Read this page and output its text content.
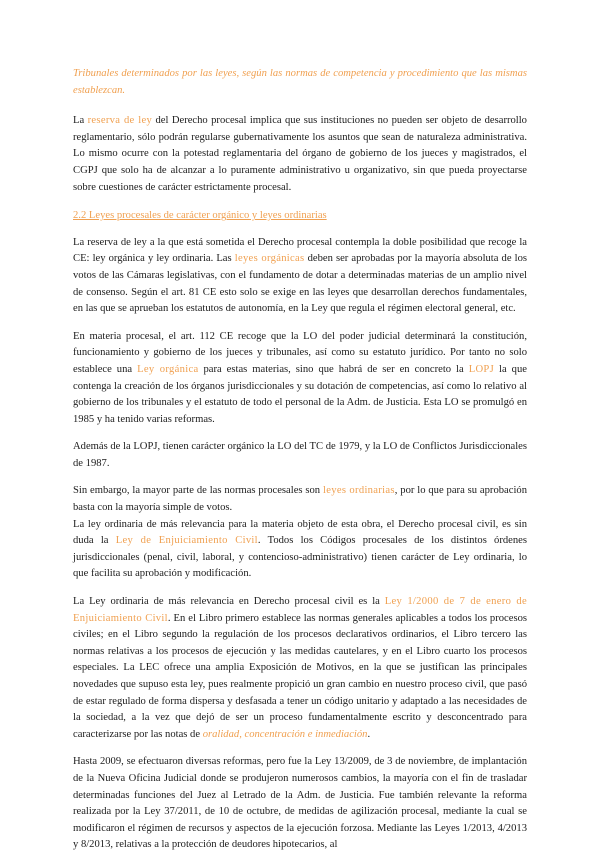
Tribunales determinados por las leyes, según las normas de competencia y procedimiento que las mismas establezcan.

La reserva de ley del Derecho procesal implica que sus instituciones no pueden ser objeto de desarrollo reglamentario, sólo podrán regularse gubernativamente los asuntos que sean de naturaleza administrativa. Lo mismo ocurre con la potestad reglamentaria del órgano de gobierno de los jueces y magistrados, el CGPJ que solo ha de alcanzar a lo puramente administrativo u organizativo, sin que pueda proyectarse sobre cuestiones de carácter estrictamente procesal.

2.2 Leyes procesales de carácter orgánico y leyes ordinarias

La reserva de ley a la que está sometida el Derecho procesal contempla la doble posibilidad que recoge la CE: ley orgánica y ley ordinaria. Las leyes orgánicas deben ser aprobadas por la mayoría absoluta de los votos de las Cámaras legislativas, con el fundamento de dotar a determinadas materias de un amplio nivel de consenso. Según el art. 81 CE esto solo se exige en las leyes que desarrollan derechos fundamentales, en las que se aprueban los estatutos de autonomía, en la Ley que regula el régimen electoral general, etc.

En materia procesal, el art. 112 CE recoge que la LO del poder judicial determinará la constitución, funcionamiento y gobierno de los jueces y tribunales, así como su estatuto jurídico. Por tanto no solo establece una Ley orgánica para estas materias, sino que habrá de ser en concreto la LOPJ la que contenga la creación de los órganos jurisdiccionales y su dotación de competencias, así como lo relativo al gobierno de los tribunales y el estatuto de todo el personal de la Adm. de Justicia. Esta LO se promulgó en 1985 y ha tenido varias reformas.

Además de la LOPJ, tienen carácter orgánico la LO del TC de 1979, y la LO de Conflictos Jurisdiccionales de 1987.

Sin embargo, la mayor parte de las normas procesales son leyes ordinarias, por lo que para su aprobación basta con la mayoría simple de votos.

La ley ordinaria de más relevancia para la materia objeto de esta obra, el Derecho procesal civil, es sin duda la Ley de Enjuiciamiento Civil. Todos los Códigos procesales de los distintos órdenes jurisdiccionales (penal, civil, laboral, y contencioso-administrativo) tienen carácter de Ley ordinaria, lo que facilita su aprobación y modificación.

La Ley ordinaria de más relevancia en Derecho procesal civil es la Ley 1/2000 de 7 de enero de Enjuiciamiento Civil. En el Libro primero establece las normas generales aplicables a todos los procesos civiles; en el Libro segundo la regulación de los procesos declarativos ordinarios, el Libro tercero las normas relativas a los procesos de ejecución y las medidas cautelares, y en el Libro cuarto los procesos especiales. La LEC ofrece una amplia Exposición de Motivos, en la que se justifican las principales novedades que supuso esta ley, pues realmente propició un gran cambio en nuestro proceso civil, que pasó de estar regulado de forma dispersa y desfasada a tener un código unitario y adaptado a las necesidades de la sociedad, a la vez que dejó de ser un proceso fundamentalmente escrito y desconcentrado para caracterizarse por las notas de oralidad, concentración e inmediación.

Hasta 2009, se efectuaron diversas reformas, pero fue la Ley 13/2009, de 3 de noviembre, de implantación de la Nueva Oficina Judicial donde se produjeron numerosos cambios, la mayoría con el fin de trasladar determinadas funciones del Juez al Letrado de la Adm. de Justicia. Fue también relevante la reforma realizada por la Ley 37/2011, de 10 de octubre, de medidas de agilización procesal, mediante la cual se modificaron el régimen de recursos y aspectos de la ejecución forzosa. Mediante las Leyes 1/2013, 4/2013 y 8/2013, relativas a la protección de deudores hipotecarios, al
